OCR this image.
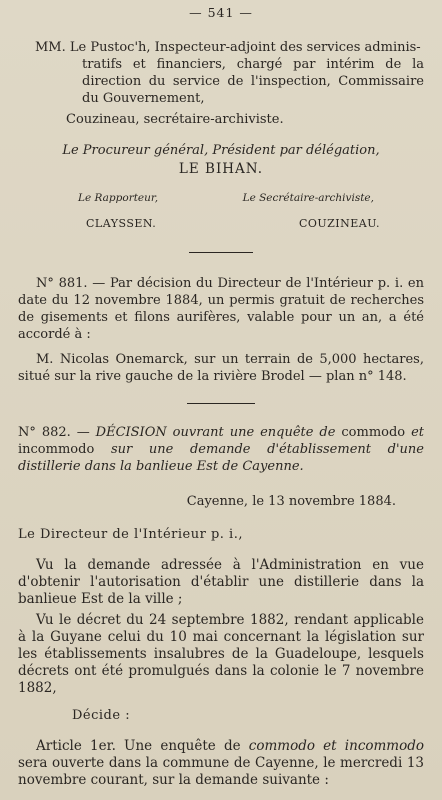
— 541 —
MM. Le Pustoc'h, Inspecteur-adjoint des services adminis-
tratifs et financiers, chargé par intérim de la direction du service de l'inspection, Commissaire du Gouvernement,
Couzineau, secrétaire-archiviste.
Le Procureur général, Président par délégation,
LE BIHAN.
Le Rapporteur,	Le Secrétaire-archiviste,
CLAYSSEN.	COUZINEAU.
N° 881. — Par décision du Directeur de l'Intérieur p. i. en date du 12 novembre 1884, un permis gratuit de recherches de gisements et filons aurifères, valable pour un an, a été accordé à :
M. Nicolas Onemarck, sur un terrain de 5,000 hectares, situé sur la rive gauche de la rivière Brodel — plan n° 148.
N° 882. — DÉCISION ouvrant une enquête de commodo et incommodo sur une demande d'établissement d'une distillerie dans la banlieue Est de Cayenne.
Cayenne, le 13 novembre 1884.
Le Directeur de l'Intérieur p. i.,
Vu la demande adressée à l'Administration en vue d'obtenir l'autorisation d'établir une distillerie dans la banlieue Est de la ville ;
Vu le décret du 24 septembre 1882, rendant applicable à la Guyane celui du 10 mai concernant la législation sur les établissements insalubres de la Guadeloupe, lesquels décrets ont été promulgués dans la colonie le 7 novembre 1882,
Décide :
Article 1er. Une enquête de commodo et incommodo sera ouverte dans la commune de Cayenne, le mercredi 13 novembre courant, sur la demande suivante :
